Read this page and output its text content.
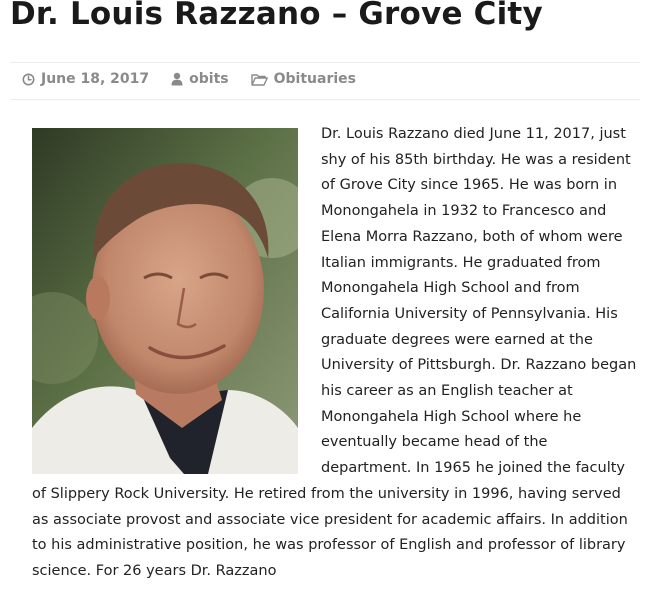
Dr. Louis Razzano – Grove City
June 18, 2017	obits	Obituaries

Dr. Louis Razzano died June 11, 2017, just shy of his 85th birthday. He was a resident of Grove City since 1965. He was born in Monongahela in 1932 to Francesco and Elena Morra Razzano, both of whom were Italian immigrants. He graduated from Monongahela High School and from California University of Pennsylvania. His graduate degrees were earned at the University of Pittsburgh. Dr. Razzano began his career as an English teacher at Monongahela High School where he eventually became head of the department. In 1965 he joined the faculty of Slippery Rock University. He retired from the university in 1996, having served as associate provost and associate vice president for academic affairs. In addition to his administrative position, he was professor of English and professor of library science. For 26 years Dr. Razzano
